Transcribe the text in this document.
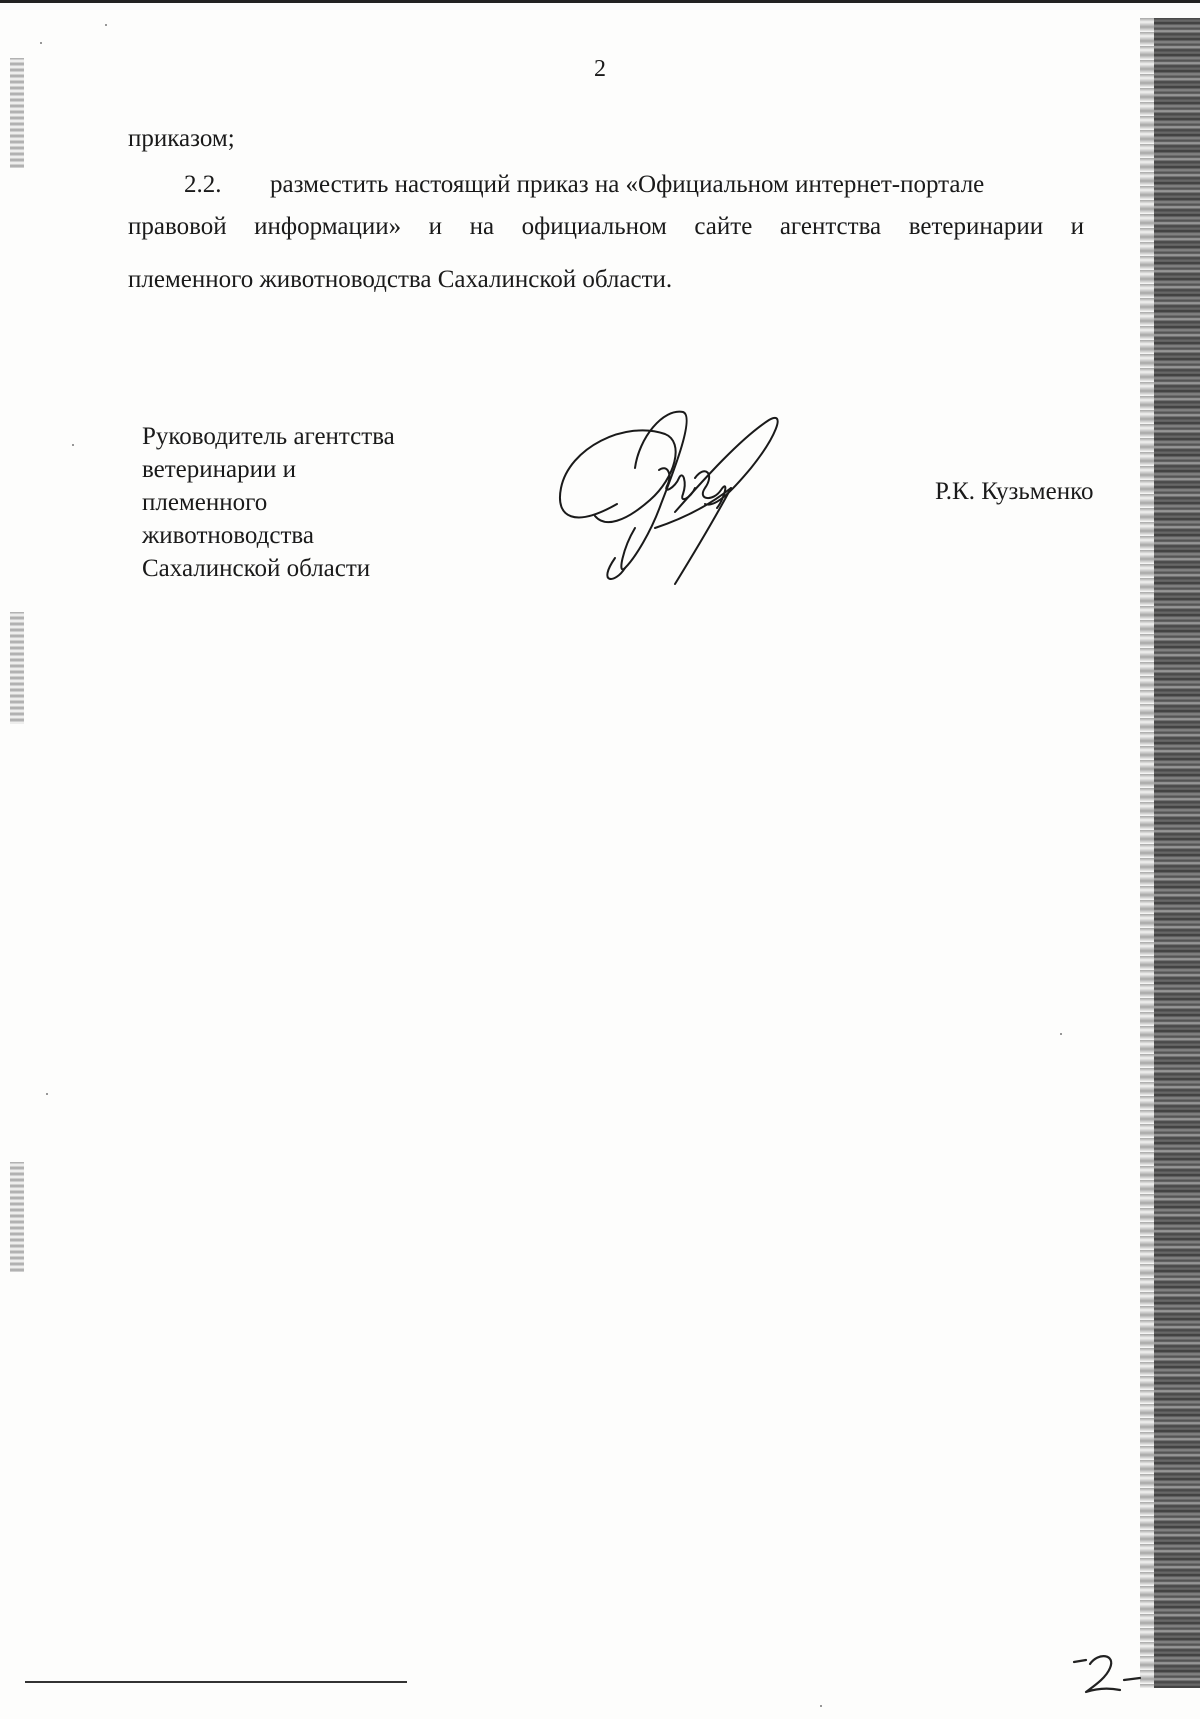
2
приказом;
2.2. разместить настоящий приказ на «Официальном интернет-портале
правовой информации» и на официальном сайте агентства ветеринарии и
племенного животноводства Сахалинской области.
Руководитель агентства
ветеринарии и
племенного
животноводства
Сахалинской области
Р.К. Кузьменко
